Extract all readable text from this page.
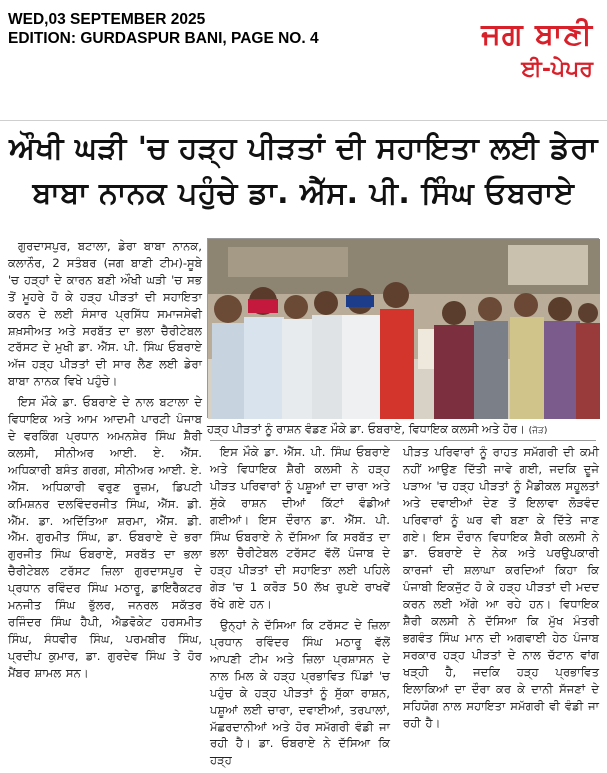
WED,03 SEPTEMBER 2025
EDITION: GURDASPUR BANI, PAGE NO. 4	ਜਗ ਬਾਣੀ
ਈ-ਪੇਪਰ
ਔਖੀ ਘੜੀ 'ਚ ਹੜ੍ਹ ਪੀੜਤਾਂ ਦੀ ਸਹਾਇਤਾ ਲਈ ਡੇਰਾ
ਬਾਬਾ ਨਾਨਕ ਪਹੁੰਚੇ ਡਾ. ਐੱਸ. ਪੀ. ਸਿੰਘ ਓਬਰਾਏ

ਗੁਰਦਾਸਪੁਰ, ਬਟਾਲਾ, ਡੇਰਾ ਬਾਬਾ ਨਾਨਕ, ਕਲਾਨੌਰ, 2 ਸਤੰਬਰ (ਜਗ ਬਾਣੀ ਟੀਮ)-ਸੂਬੇ 'ਚ ਹੜ੍ਹਾਂ ਦੇ ਕਾਰਨ ਬਣੀ ਔਖੀ ਘੜੀ 'ਚ ਸਭ ਤੋਂ ਮੂਹਰੇ ਹੋ ਕੇ ਹੜ੍ਹ ਪੀੜਤਾਂ ਦੀ ਸਹਾਇਤਾ ਕਰਨ ਦੇ ਲਈ ਸੰਸਾਰ ਪ੍ਰਸਿੱਧ ਸਮਾਜਸੇਵੀ ਸ਼ਖ਼ਸੀਅਤ ਅਤੇ ਸਰਬੱਤ ਦਾ ਭਲਾ ਚੈਰੀਟੇਬਲ ਟਰੱਸਟ ਦੇ ਮੁਖੀ ਡਾ. ਐੱਸ. ਪੀ. ਸਿੰਘ ਓਬਰਾਏ ਅੱਜ ਹੜ੍ਹ ਪੀੜਤਾਂ ਦੀ ਸਾਰ ਲੈਣ ਲਈ ਡੇਰਾ ਬਾਬਾ ਨਾਨਕ ਵਿਖੇ ਪਹੁੰਚੇ।

ਇਸ ਮੌਕੇ ਡਾ. ਓਬਰਾਏ ਦੇ ਨਾਲ ਬਟਾਲਾ ਦੇ ਵਿਧਾਇਕ ਅਤੇ ਆਮ ਆਦਮੀ ਪਾਰਟੀ ਪੰਜਾਬ ਦੇ ਵਰਕਿੰਗ ਪ੍ਰਧਾਨ ਅਮਨਸ਼ੇਰ ਸਿੰਘ ਸ਼ੈਰੀ ਕਲਸੀ, ਸੀਨੀਅਰ ਆਈ. ਏ. ਐੱਸ. ਅਧਿਕਾਰੀ ਬਸੰਤ ਗਰਗ, ਸੀਨੀਅਰ ਆਈ. ਏ. ਐੱਸ. ਅਧਿਕਾਰੀ ਵਰੁਣ ਰੂਜ਼ਮ, ਡਿਪਟੀ ਕਮਿਸ਼ਨਰ ਦਲਵਿੰਦਰਜੀਤ ਸਿੰਘ, ਐੱਸ. ਡੀ. ਐੱਮ. ਡਾ. ਅਦਿੱਤਿਆ ਸ਼ਰਮਾ, ਐੱਸ. ਡੀ. ਐੱਮ. ਗੁਰਮੀਤ ਸਿੰਘ, ਡਾ. ਓਬਰਾਏ ਦੇ ਭਰਾ ਗੁਰਜੀਤ ਸਿੰਘ ਓਬਰਾਏ, ਸਰਬੱਤ ਦਾ ਭਲਾ ਚੈਰੀਟੇਬਲ ਟਰੱਸਟ ਜ਼ਿਲਾ ਗੁਰਦਾਸਪੁਰ ਦੇ ਪ੍ਰਧਾਨ ਰਵਿੰਦਰ ਸਿੰਘ ਮਠਾਰੂ, ਡਾਇਰੈਕਟਰ ਮਨਜੀਤ ਸਿੰਘ ਭੁੱਲਰ, ਜਨਰਲ ਸਕੱਤਰ ਰਜਿੰਦਰ ਸਿੰਘ ਹੈਪੀ, ਐਡਵੋਕੇਟ ਹਰਸਮੀਤ ਸਿੰਘ, ਸੰਧਵੀਰ ਸਿੰਘ, ਪਰਮਬੀਰ ਸਿੰਘ, ਪ੍ਰਦੀਪ ਕੁਮਾਰ, ਡਾ. ਗੁਰਦੇਵ ਸਿੰਘ ਤੇ ਹੋਰ ਮੈਂਬਰ ਸ਼ਾਮਲ ਸਨ।

ਹੜ੍ਹ ਪੀੜਤਾਂ ਨੂੰ ਰਾਸ਼ਨ ਵੰਡਣ ਮੌਕੇ ਡਾ. ਓਬਰਾਏ, ਵਿਧਾਇਕ ਕਲਸੀ ਅਤੇ ਹੋਰ। (ਜੋੜ)

ਇਸ ਮੌਕੇ ਡਾ. ਐੱਸ. ਪੀ. ਸਿੰਘ ਓਬਰਾਏ ਅਤੇ ਵਿਧਾਇਕ ਸ਼ੈਰੀ ਕਲਸੀ ਨੇ ਹੜ੍ਹ ਪੀੜਤ ਪਰਿਵਾਰਾਂ ਨੂੰ ਪਸ਼ੂਆਂ ਦਾ ਚਾਰਾ ਅਤੇ ਸੁੱਕੇ ਰਾਸ਼ਨ ਦੀਆਂ ਕਿੱਟਾਂ ਵੰਡੀਆਂ ਗਈਆਂ। ਇਸ ਦੌਰਾਨ ਡਾ. ਐੱਸ. ਪੀ. ਸਿੰਘ ਓਬਰਾਏ ਨੇ ਦੱਸਿਆ ਕਿ ਸਰਬੱਤ ਦਾ ਭਲਾ ਚੈਰੀਟੇਬਲ ਟਰੱਸਟ ਵੱਲੋਂ ਪੰਜਾਬ ਦੇ ਹੜ੍ਹ ਪੀੜਤਾਂ ਦੀ ਸਹਾਇਤਾ ਲਈ ਪਹਿਲੇ ਗੇੜ 'ਚ 1 ਕਰੋੜ 50 ਲੱਖ ਰੁਪਏ ਰਾਖਵੇਂ ਰੱਖੇ ਗਏ ਹਨ।

ਉਨ੍ਹਾਂ ਨੇ ਦੱਸਿਆ ਕਿ ਟਰੱਸਟ ਦੇ ਜ਼ਿਲਾ ਪ੍ਰਧਾਨ ਰਵਿੰਦਰ ਸਿੰਘ ਮਠਾਰੂ ਵੱਲੋਂ ਆਪਣੀ ਟੀਮ ਅਤੇ ਜ਼ਿਲਾ ਪ੍ਰਸ਼ਾਸਨ ਦੇ ਨਾਲ ਮਿਲ ਕੇ ਹੜ੍ਹ ਪ੍ਰਭਾਵਿਤ ਪਿੰਡਾਂ 'ਚ ਪਹੁੰਚ ਕੇ ਹੜ੍ਹ ਪੀੜਤਾਂ ਨੂੰ ਸੁੱਕਾ ਰਾਸ਼ਨ, ਪਸ਼ੂਆਂ ਲਈ ਚਾਰਾ, ਦਵਾਈਆਂ, ਤਰਪਾਲਾਂ, ਮੱਛਰਦਾਨੀਆਂ ਅਤੇ ਹੋਰ ਸਮੱਗਰੀ ਵੰਡੀ ਜਾ ਰਹੀ ਹੈ। ਡਾ. ਓਬਰਾਏ ਨੇ ਦੱਸਿਆ ਕਿ ਹੜ੍ਹ

ਪੀੜਤ ਪਰਿਵਾਰਾਂ ਨੂੰ ਰਾਹਤ ਸਮੱਗਰੀ ਦੀ ਕਮੀ ਨਹੀਂ ਆਉਣ ਦਿੱਤੀ ਜਾਵੇ ਗਈ, ਜਦਕਿ ਦੂਜੇ ਪੜਾਅ 'ਚ ਹੜ੍ਹ ਪੀੜਤਾਂ ਨੂੰ ਮੈਡੀਕਲ ਸਹੂਲਤਾਂ ਅਤੇ ਦਵਾਈਆਂ ਦੇਣ ਤੋਂ ਇਲਾਵਾ ਲੋੜਵੰਦ ਪਰਿਵਾਰਾਂ ਨੂੰ ਘਰ ਵੀ ਬਣਾ ਕੇ ਦਿੱਤੇ ਜਾਣ ਗਏ। ਇਸ ਦੌਰਾਨ ਵਿਧਾਇਕ ਸ਼ੈਰੀ ਕਲਸੀ ਨੇ ਡਾ. ਓਬਰਾਏ ਦੇ ਨੇਕ ਅਤੇ ਪਰਉਪਕਾਰੀ ਕਾਰਜਾਂ ਦੀ ਸ਼ਲਾਘਾ ਕਰਦਿਆਂ ਕਿਹਾ ਕਿ ਪੰਜਾਬੀ ਇਕਜੁੱਟ ਹੋ ਕੇ ਹੜ੍ਹ ਪੀੜਤਾਂ ਦੀ ਮਦਦ ਕਰਨ ਲਈ ਅੱਗੇ ਆ ਰਹੇ ਹਨ। ਵਿਧਾਇਕ ਸ਼ੈਰੀ ਕਲਸੀ ਨੇ ਦੱਸਿਆ ਕਿ ਮੁੱਖ ਮੰਤਰੀ ਭਗਵੰਤ ਸਿੰਘ ਮਾਨ ਦੀ ਅਗਵਾਈ ਹੇਠ ਪੰਜਾਬ ਸਰਕਾਰ ਹੜ੍ਹ ਪੀੜਤਾਂ ਦੇ ਨਾਲ ਚੱਟਾਨ ਵਾਂਗ ਖੜ੍ਹੀ ਹੈ, ਜਦਕਿ ਹੜ੍ਹ ਪ੍ਰਭਾਵਿਤ ਇਲਾਕਿਆਂ ਦਾ ਦੌਰਾ ਕਰ ਕੇ ਦਾਨੀ ਸੱਜਣਾਂ ਦੇ ਸਹਿਯੋਗ ਨਾਲ ਸਹਾਇਤਾ ਸਮੱਗਰੀ ਵੀ ਵੰਡੀ ਜਾ ਰਹੀ ਹੈ।
